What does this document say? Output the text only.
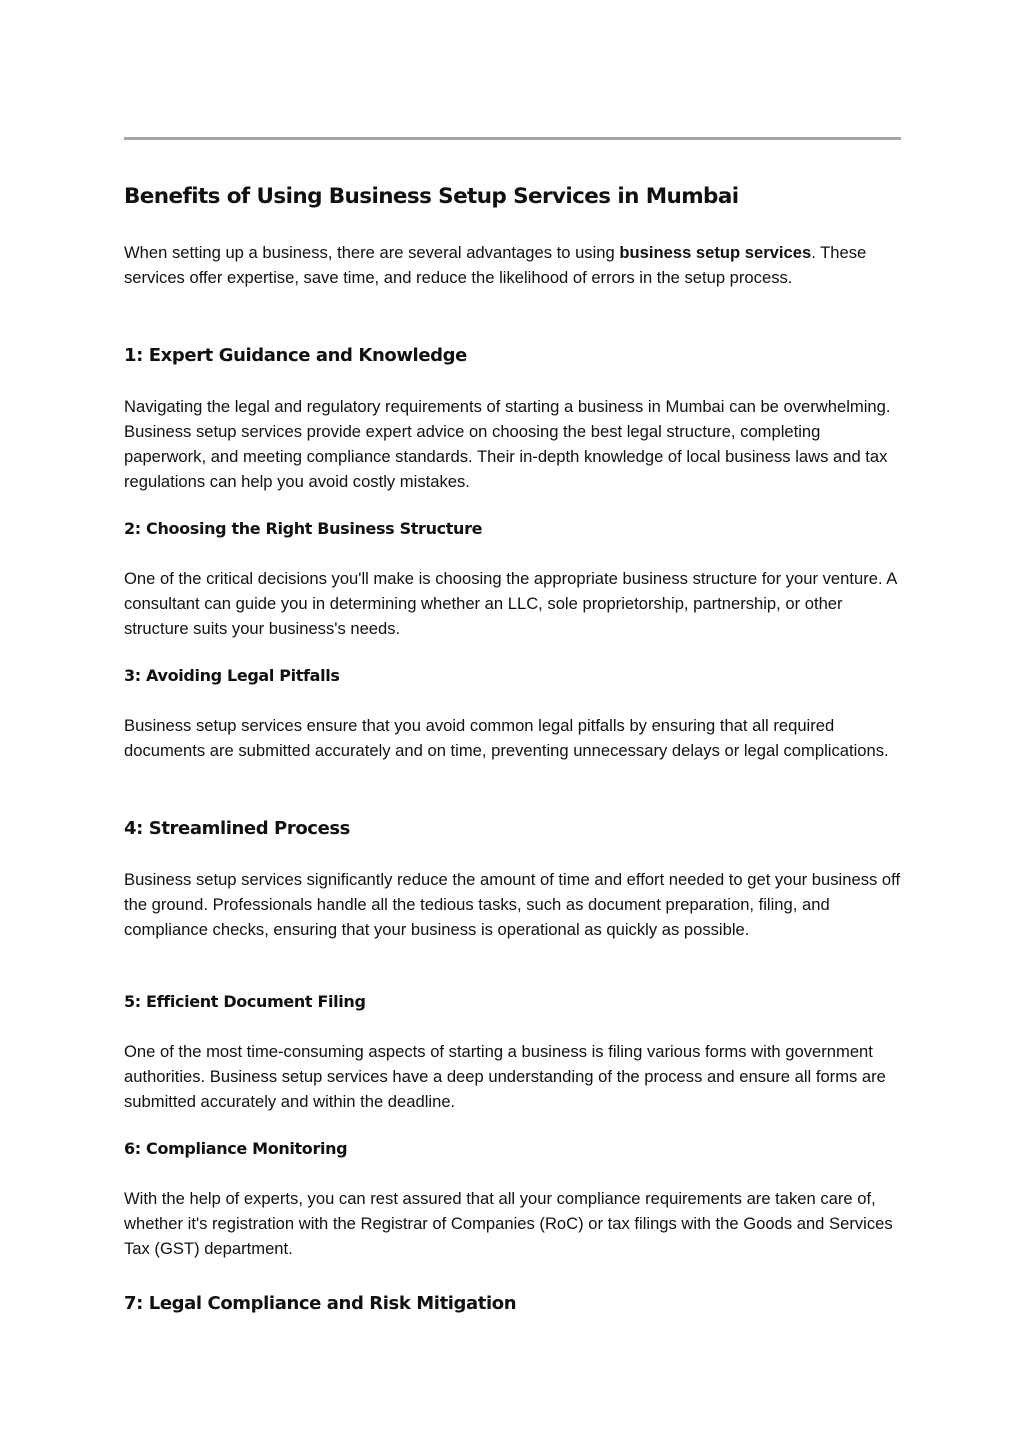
Benefits of Using Business Setup Services in Mumbai

When setting up a business, there are several advantages to using business setup services. These services offer expertise, save time, and reduce the likelihood of errors in the setup process.

1: Expert Guidance and Knowledge

Navigating the legal and regulatory requirements of starting a business in Mumbai can be overwhelming. Business setup services provide expert advice on choosing the best legal structure, completing paperwork, and meeting compliance standards. Their in-depth knowledge of local business laws and tax regulations can help you avoid costly mistakes.

2: Choosing the Right Business Structure

One of the critical decisions you'll make is choosing the appropriate business structure for your venture. A consultant can guide you in determining whether an LLC, sole proprietorship, partnership, or other structure suits your business's needs.

3: Avoiding Legal Pitfalls

Business setup services ensure that you avoid common legal pitfalls by ensuring that all required documents are submitted accurately and on time, preventing unnecessary delays or legal complications.

4: Streamlined Process

Business setup services significantly reduce the amount of time and effort needed to get your business off the ground. Professionals handle all the tedious tasks, such as document preparation, filing, and compliance checks, ensuring that your business is operational as quickly as possible.

5: Efficient Document Filing

One of the most time-consuming aspects of starting a business is filing various forms with government authorities. Business setup services have a deep understanding of the process and ensure all forms are submitted accurately and within the deadline.

6: Compliance Monitoring

With the help of experts, you can rest assured that all your compliance requirements are taken care of, whether it's registration with the Registrar of Companies (RoC) or tax filings with the Goods and Services Tax (GST) department.

7: Legal Compliance and Risk Mitigation
